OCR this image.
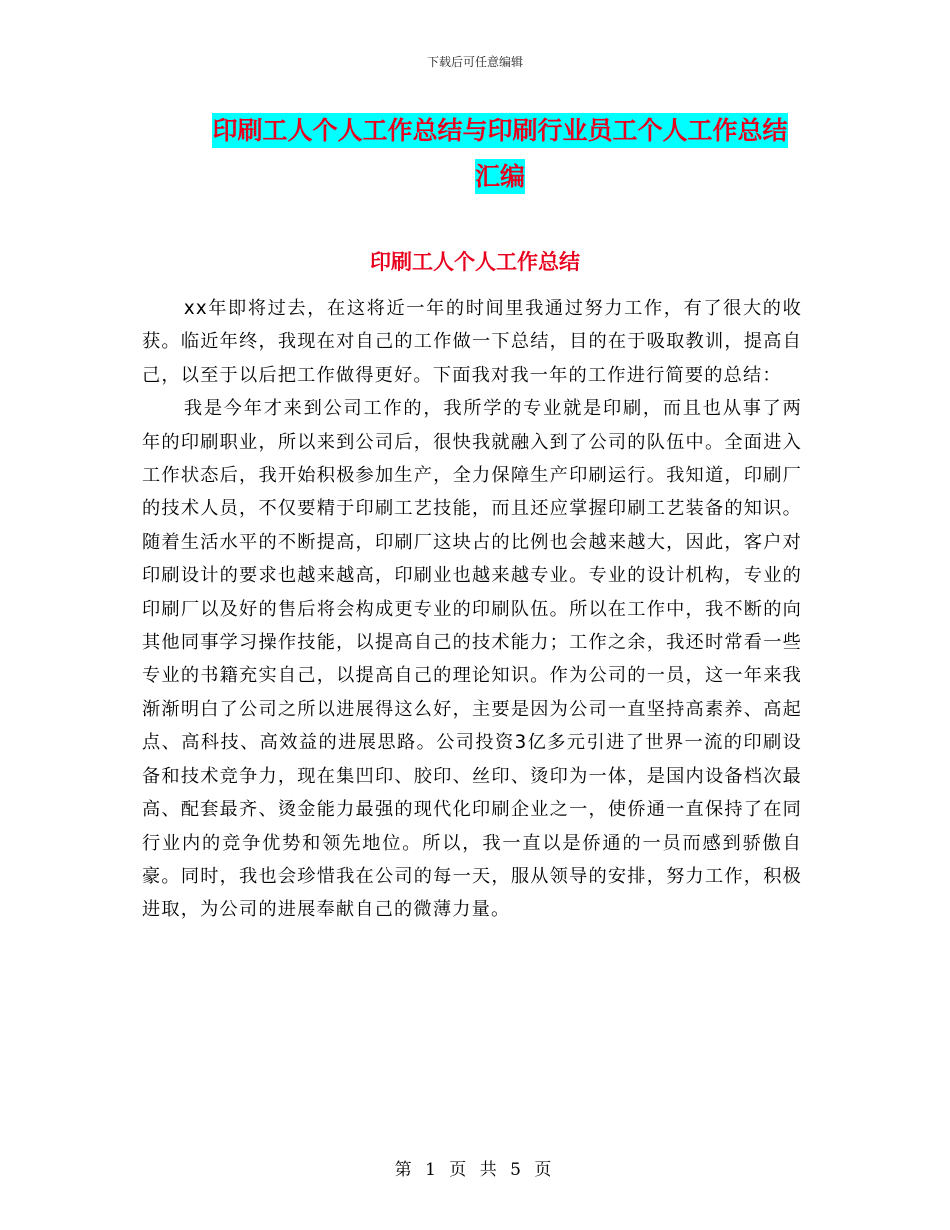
下载后可任意编辑
印刷工人个人工作总结与印刷行业员工个人工作总结
汇编
印刷工人个人工作总结

xx年即将过去，在这将近一年的时间里我通过努力工作，有了很大的收获。临近年终，我现在对自己的工作做一下总结，目的在于吸取教训，提高自己，以至于以后把工作做得更好。下面我对我一年的工作进行简要的总结：

我是今年才来到公司工作的，我所学的专业就是印刷，而且也从事了两年的印刷职业，所以来到公司后，很快我就融入到了公司的队伍中。全面进入工作状态后，我开始积极参加生产，全力保障生产印刷运行。我知道，印刷厂的技术人员，不仅要精于印刷工艺技能，而且还应掌握印刷工艺装备的知识。随着生活水平的不断提高，印刷厂这块占的比例也会越来越大，因此，客户对印刷设计的要求也越来越高，印刷业也越来越专业。专业的设计机构，专业的印刷厂以及好的售后将会构成更专业的印刷队伍。所以在工作中，我不断的向其他同事学习操作技能，以提高自己的技术能力；工作之余，我还时常看一些专业的书籍充实自己，以提高自己的理论知识。作为公司的一员，这一年来我渐渐明白了公司之所以进展得这么好，主要是因为公司一直坚持高素养、高起点、高科技、高效益的进展思路。公司投资3亿多元引进了世界一流的印刷设备和技术竞争力，现在集凹印、胶印、丝印、烫印为一体，是国内设备档次最高、配套最齐、烫金能力最强的现代化印刷企业之一，使侨通一直保持了在同行业内的竞争优势和领先地位。所以，我一直以是侨通的一员而感到骄傲自豪。同时，我也会珍惜我在公司的每一天，服从领导的安排，努力工作，积极进取，为公司的进展奉献自己的微薄力量。

第 1 页 共 5 页
